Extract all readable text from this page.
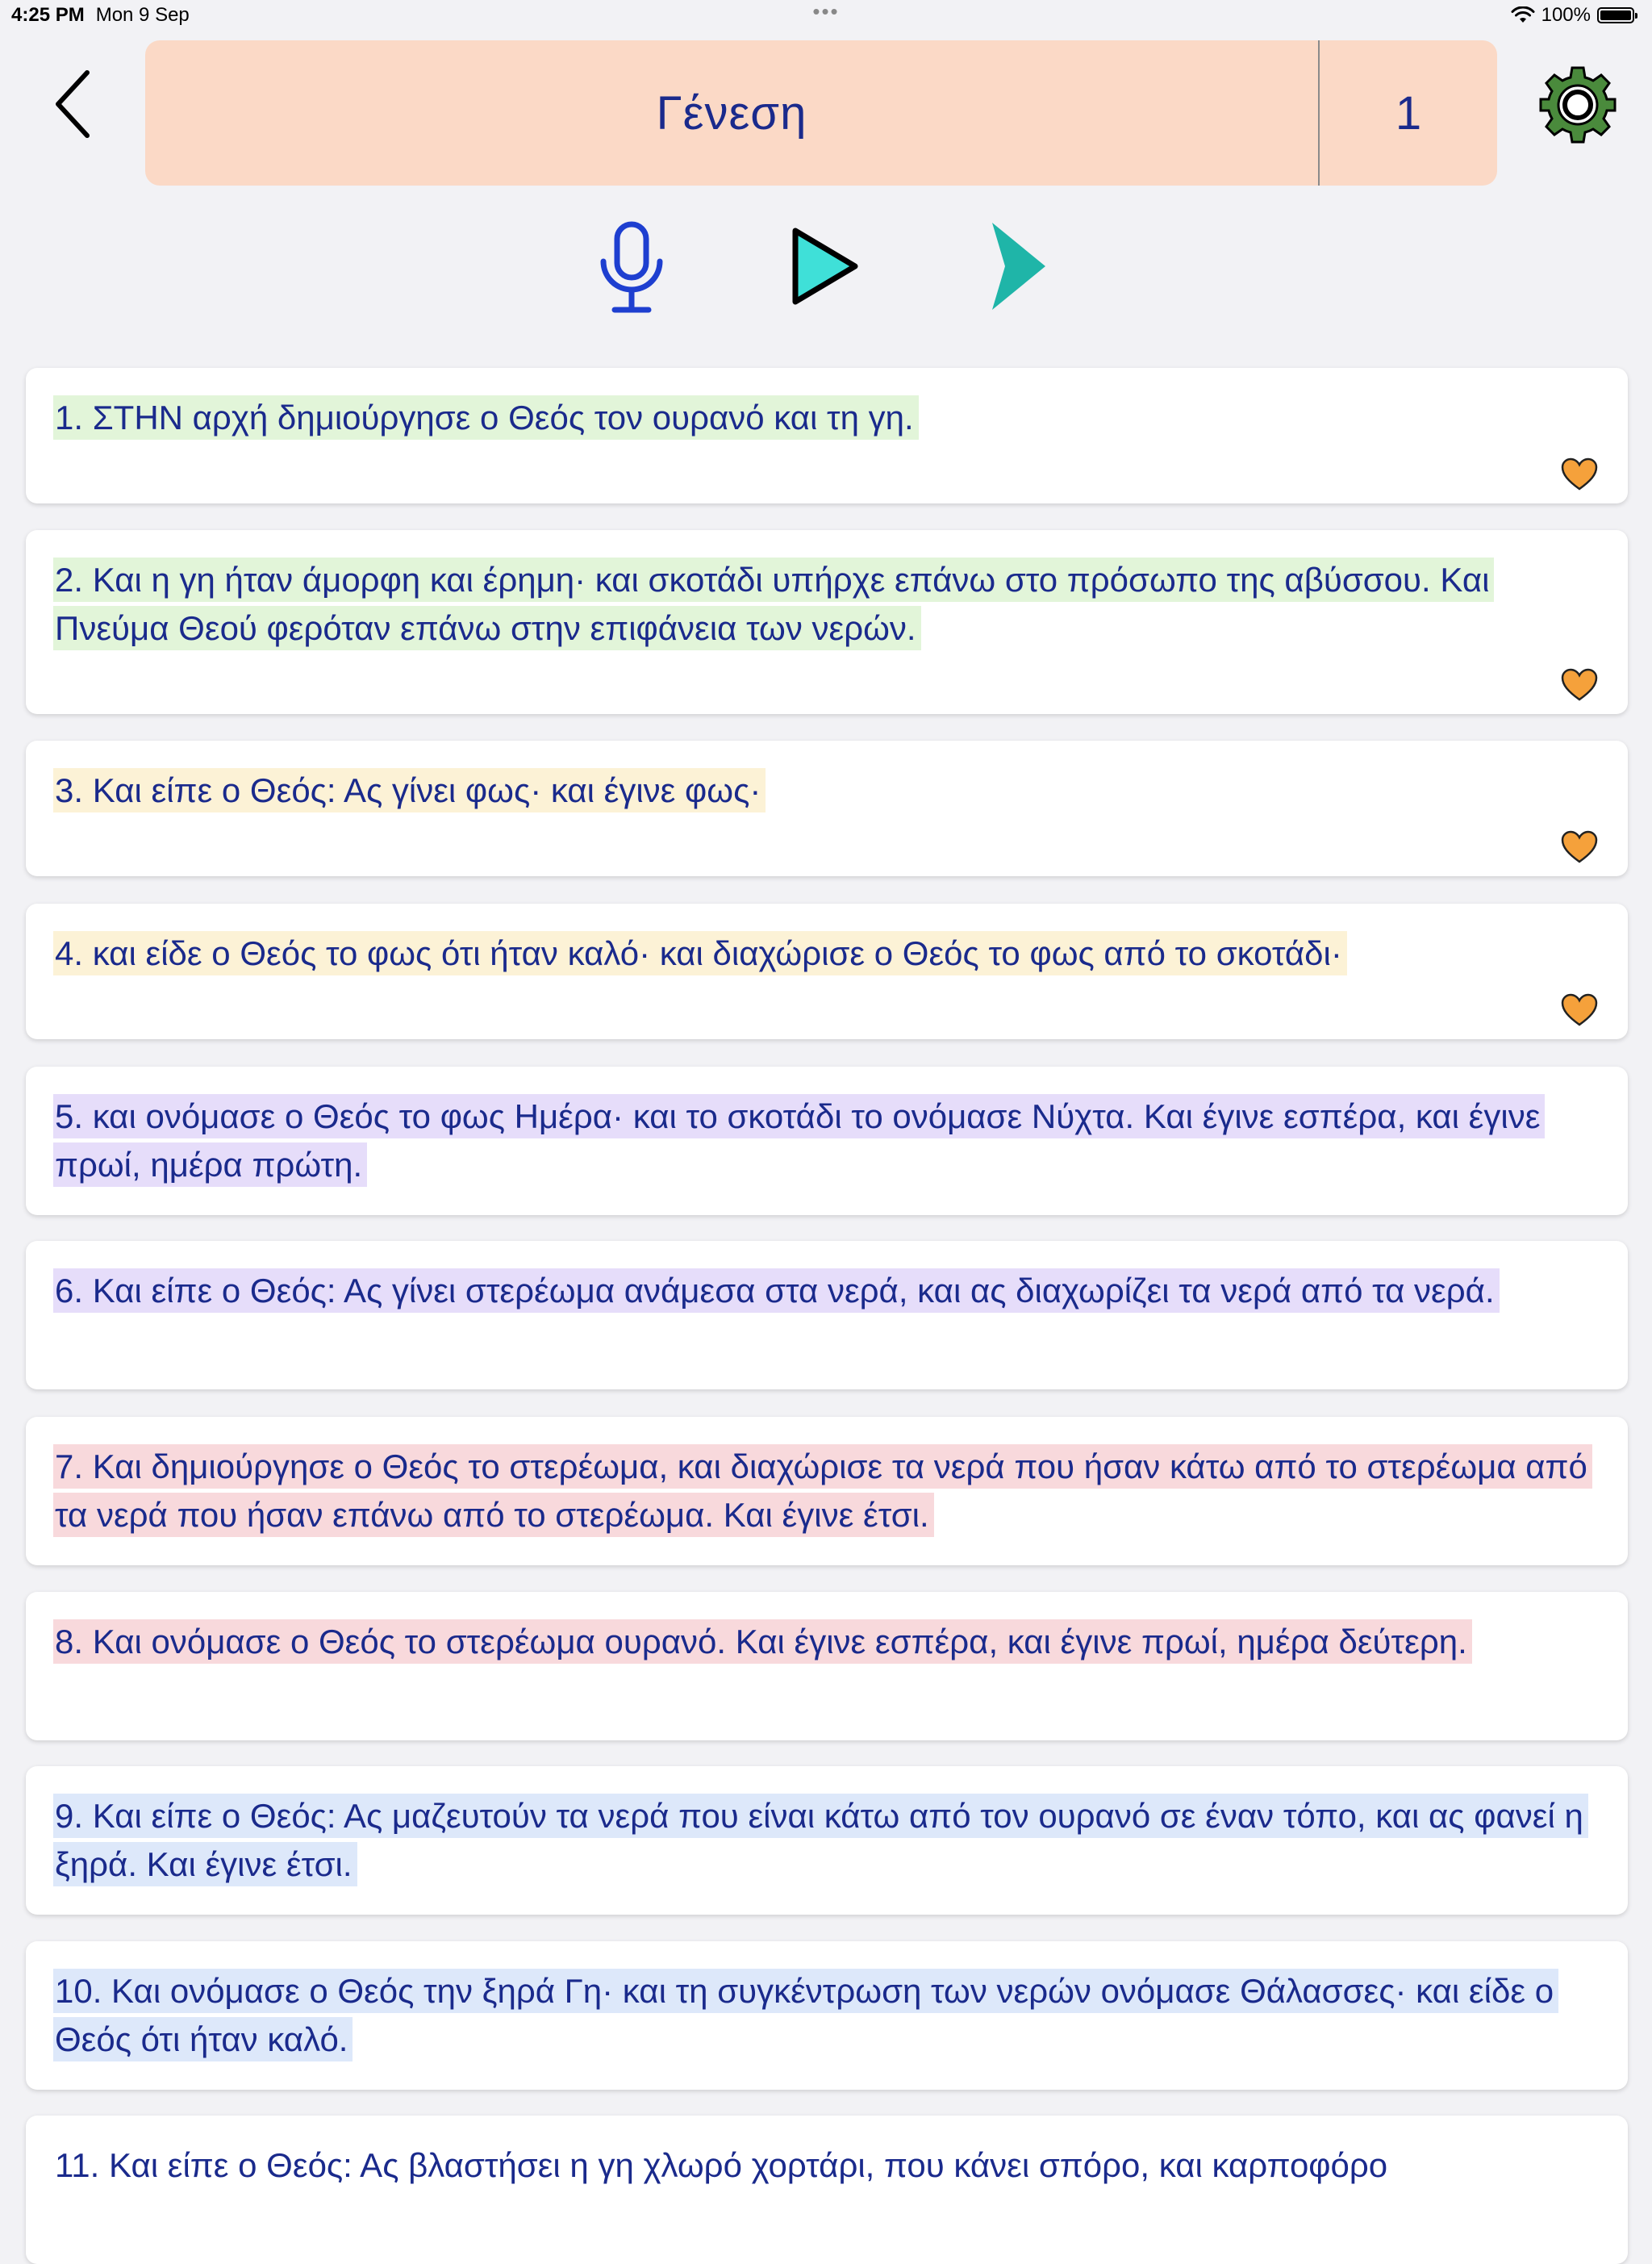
4:25 PM Mon 9 Sep	•••	100%
Γένεση	1

1. ΣΤΗΝ αρχή δημιούργησε ο Θεός τον ουρανό και τη γη.

2. Και η γη ήταν άμορφη και έρημη· και σκοτάδι υπήρχε επάνω στο πρόσωπο της αβύσσου. Και Πνεύμα Θεού φερόταν επάνω στην επιφάνεια των νερών.

3. Και είπε ο Θεός: Ας γίνει φως· και έγινε φως·

4. και είδε ο Θεός το φως ότι ήταν καλό· και διαχώρισε ο Θεός το φως από το σκοτάδι·

5. και ονόμασε ο Θεός το φως Ημέρα· και το σκοτάδι το ονόμασε Νύχτα. Και έγινε εσπέρα, και έγινε πρωί, ημέρα πρώτη.

6. Και είπε ο Θεός: Ας γίνει στερέωμα ανάμεσα στα νερά, και ας διαχωρίζει τα νερά από τα νερά.

7. Και δημιούργησε ο Θεός το στερέωμα, και διαχώρισε τα νερά που ήσαν κάτω από το στερέωμα από τα νερά που ήσαν επάνω από το στερέωμα. Και έγινε έτσι.

8. Και ονόμασε ο Θεός το στερέωμα ουρανό. Και έγινε εσπέρα, και έγινε πρωί, ημέρα δεύτερη.

9. Και είπε ο Θεός: Ας μαζευτούν τα νερά που είναι κάτω από τον ουρανό σε έναν τόπο, και ας φανεί η ξηρά. Και έγινε έτσι.

10. Και ονόμασε ο Θεός την ξηρά Γη· και τη συγκέντρωση των νερών ονόμασε Θάλασσες· και είδε ο Θεός ότι ήταν καλό.

11. Και είπε ο Θεός: Ας βλαστήσει η γη χλωρό χορτάρι, που κάνει σπόρο, και καρποφόρο
